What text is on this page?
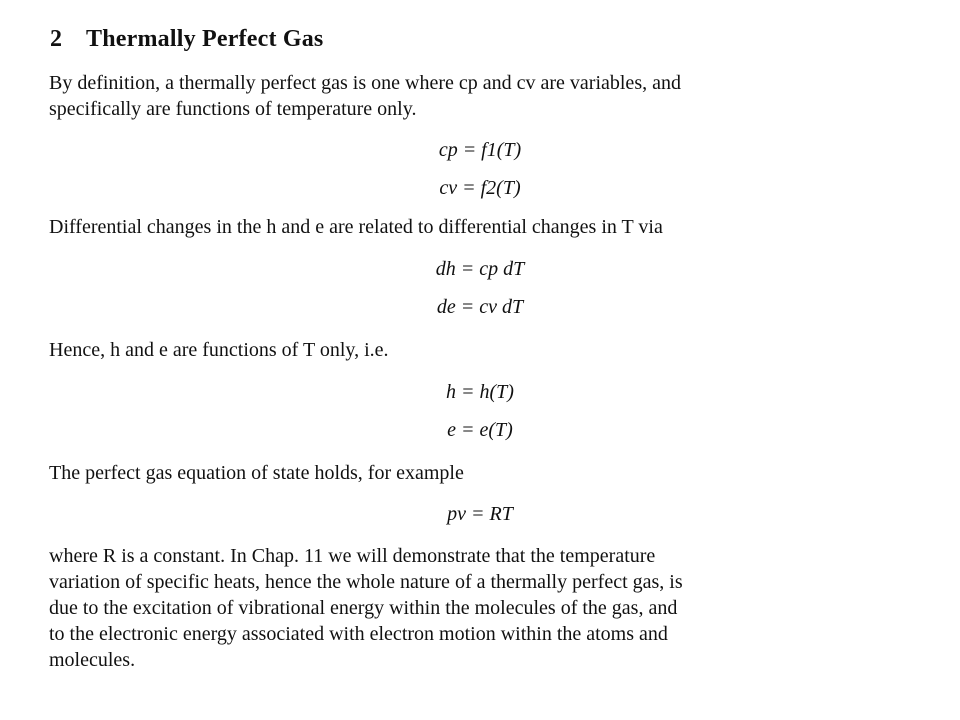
2 Thermally Perfect Gas
By definition, a thermally perfect gas is one where cp and cv are variables, and
specifically are functions of temperature only.
cp = f1(T)
cv = f2(T)
Differential changes in the h and e are related to differential changes in T via
dh = cp dT
de = cv dT
Hence, h and e are functions of T only, i.e.
h = h(T)
e = e(T)
The perfect gas equation of state holds, for example
pv = RT
where R is a constant. In Chap. 11 we will demonstrate that the temperature
variation of specific heats, hence the whole nature of a thermally perfect gas, is
due to the excitation of vibrational energy within the molecules of the gas, and
to the electronic energy associated with electron motion within the atoms and
molecules.
